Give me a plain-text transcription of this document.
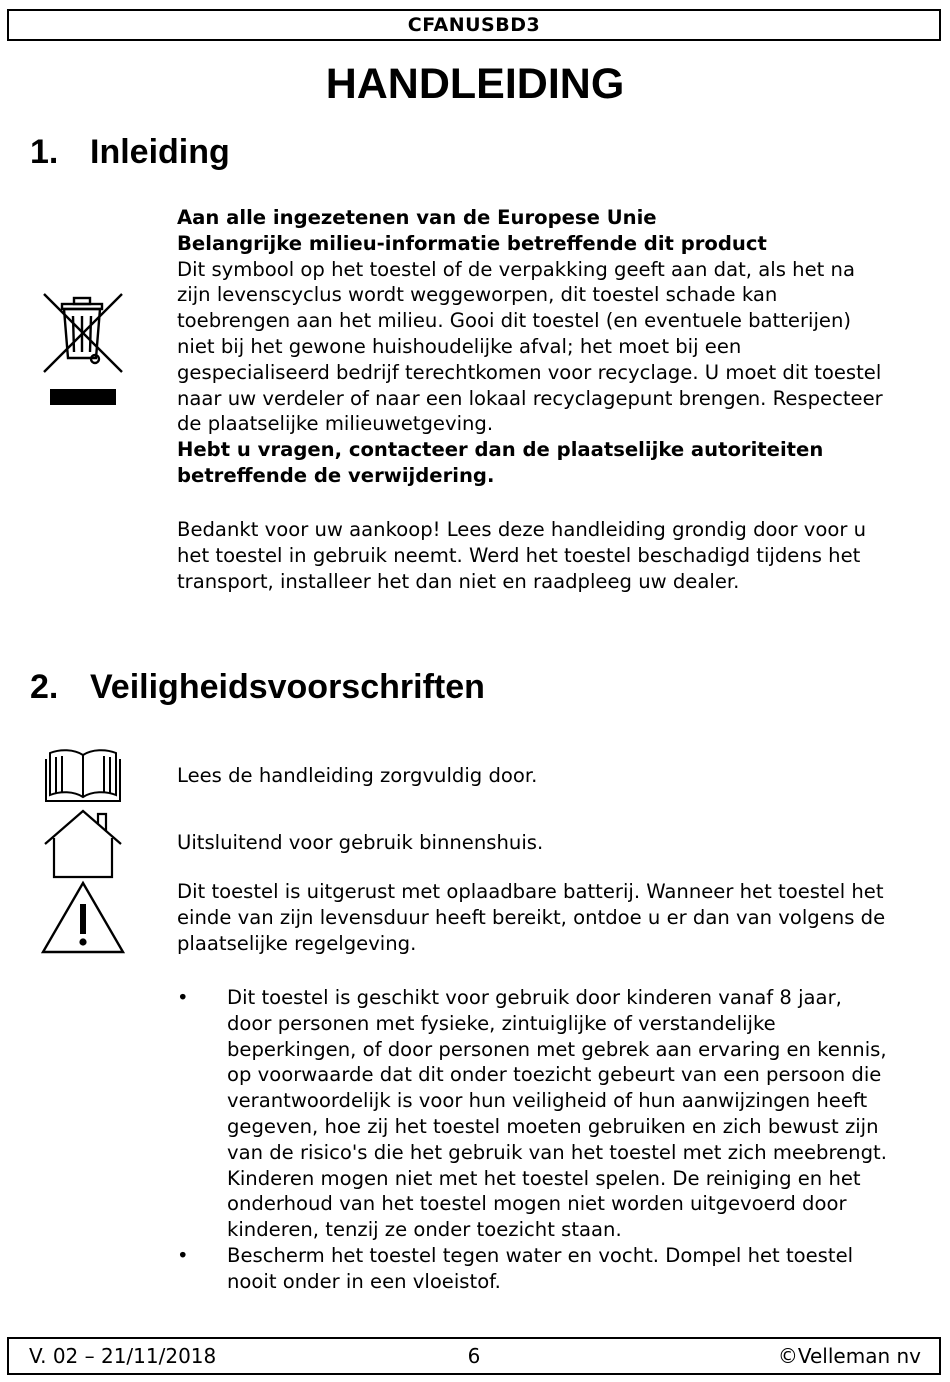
CFANUSBD3
HANDLEIDING
1. Inleiding
Aan alle ingezetenen van de Europese Unie
Belangrijke milieu-informatie betreffende dit product
Dit symbool op het toestel of de verpakking geeft aan dat, als het na zijn levenscyclus wordt weggeworpen, dit toestel schade kan toebrengen aan het milieu. Gooi dit toestel (en eventuele batterijen) niet bij het gewone huishoudelijke afval; het moet bij een gespecialiseerd bedrijf terechtkomen voor recyclage. U moet dit toestel naar uw verdeler of naar een lokaal recyclagepunt brengen. Respecteer de plaatselijke milieuwetgeving.
Hebt u vragen, contacteer dan de plaatselijke autoriteiten betreffende de verwijdering.
Bedankt voor uw aankoop! Lees deze handleiding grondig door voor u het toestel in gebruik neemt. Werd het toestel beschadigd tijdens het transport, installeer het dan niet en raadpleeg uw dealer.
2. Veiligheidsvoorschriften
Lees de handleiding zorgvuldig door.
Uitsluitend voor gebruik binnenshuis.
Dit toestel is uitgerust met oplaadbare batterij. Wanneer het toestel het einde van zijn levensduur heeft bereikt, ontdoe u er dan van volgens de plaatselijke regelgeving.
• Dit toestel is geschikt voor gebruik door kinderen vanaf 8 jaar, door personen met fysieke, zintuiglijke of verstandelijke beperkingen, of door personen met gebrek aan ervaring en kennis, op voorwaarde dat dit onder toezicht gebeurt van een persoon die verantwoordelijk is voor hun veiligheid of hun aanwijzingen heeft gegeven, hoe zij het toestel moeten gebruiken en zich bewust zijn van de risico's die het gebruik van het toestel met zich meebrengt. Kinderen mogen niet met het toestel spelen. De reiniging en het onderhoud van het toestel mogen niet worden uitgevoerd door kinderen, tenzij ze onder toezicht staan.
• Bescherm het toestel tegen water en vocht. Dompel het toestel nooit onder in een vloeistof.
V. 02 – 21/11/2018	6	©Velleman nv
